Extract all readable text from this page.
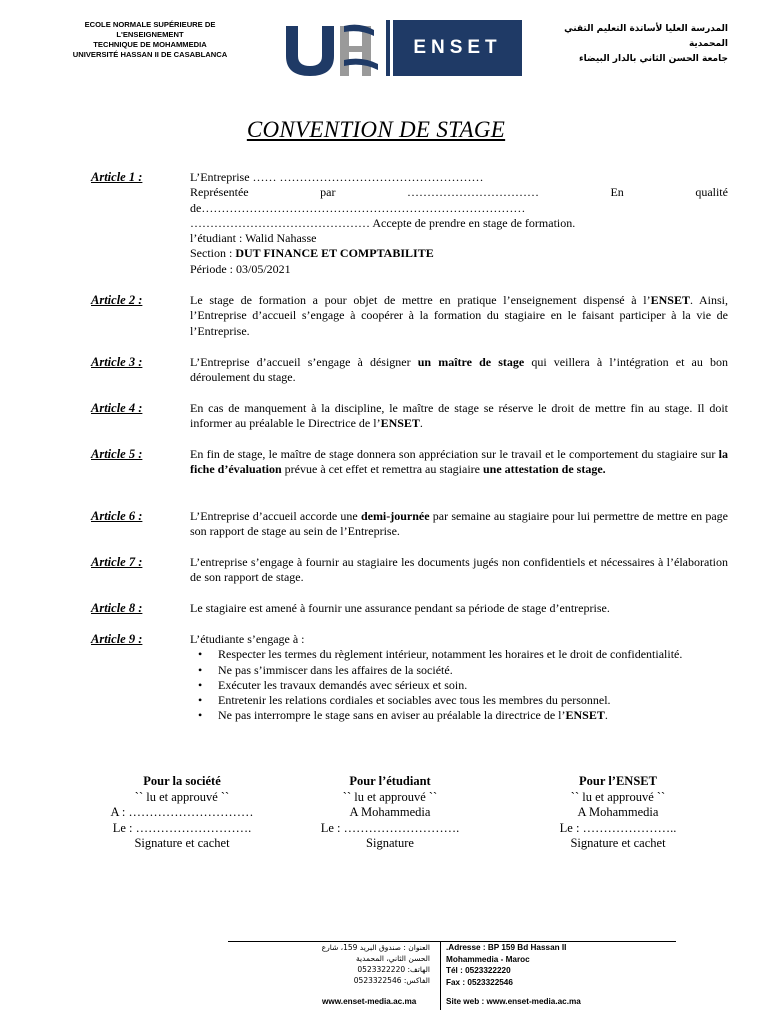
ECOLE NORMALE SUPÉRIEURE DE
L'ENSEIGNEMENT
TECHNIQUE DE MOHAMMEDIA
UNIVERSITÉ HASSAN II DE CASABLANCA	ENSET
المدرسة العليا لأساتذة التعليم التقني
المحمدية
جامعة الحسن الثاني بالدار البيضاء
CONVENTION DE STAGE
Article 1 :	L’Entreprise …… ……………………………………………
Représentée	par	……………………………	En	qualité
de………………………………………………………………………
……………………………………… Accepte de prendre en stage de formation.
l’étudiant : Walid Nahasse
Section : DUT FINANCE ET COMPTABILITE
Période : 03/05/2021
Article 2 :	Le stage de formation a pour objet de mettre en pratique l’enseignement dispensé à l’ENSET. Ainsi, l’Entreprise d’accueil s’engage à coopérer à la formation du stagiaire en le faisant participer à la vie de l’Entreprise.

Article 3 :	L’Entreprise d’accueil s’engage à désigner un maître de stage qui veillera à l’intégration et au bon déroulement du stage.

Article 4 :	En cas de manquement à la discipline, le maître de stage se réserve le droit de mettre fin au stage. Il doit informer au préalable le Directrice de l’ENSET.

Article 5 :	En fin de stage, le maître de stage donnera son appréciation sur le travail et le comportement du stagiaire sur la fiche d’évaluation prévue à cet effet et remettra au stagiaire une attestation de stage.

Article 6 :	L’Entreprise d’accueil accorde une demi-journée par semaine au stagiaire pour lui permettre de mettre en page son rapport de stage au sein de l’Entreprise.

Article 7 :	L’entreprise s’engage à fournir au stagiaire les documents jugés non confidentiels et nécessaires à l’élaboration de son rapport de stage.

Article 8 :	Le stagiaire est amené à fournir une assurance pendant sa période de stage d’entreprise.

Article 9 :	L’étudiante s’engage à :

• Respecter les termes du règlement intérieur, notamment les horaires et le droit de confidentialité.
• Ne pas s’immiscer dans les affaires de la société.
• Exécuter les travaux demandés avec sérieux et soin.
• Entretenir les relations cordiales et sociables avec tous les membres du personnel.
• Ne pas interrompre le stage sans en aviser au préalable la directrice de l’ENSET.
Pour la société
`` lu et approuvé ``
A : …………………………
Le : ……………………….
Signature et cachet
Pour l’étudiant
`` lu et approuvé ``
A Mohammedia
Le : ……………………….
Signature
Pour l’ENSET
`` lu et approuvé ``
A Mohammedia
Le : …………………..
Signature et cachet
العنوان : صندوق البريد 159، شارع
الحسن الثاني، المحمدية
الهاتف: 0523322220
الفاكس: 0523322546
.Adresse : BP 159 Bd Hassan II
Mohammedia - Maroc
Tél : 0523322220
Fax : 0523322546
www.enset-media.ac.ma	Site web : www.enset-media.ac.ma
